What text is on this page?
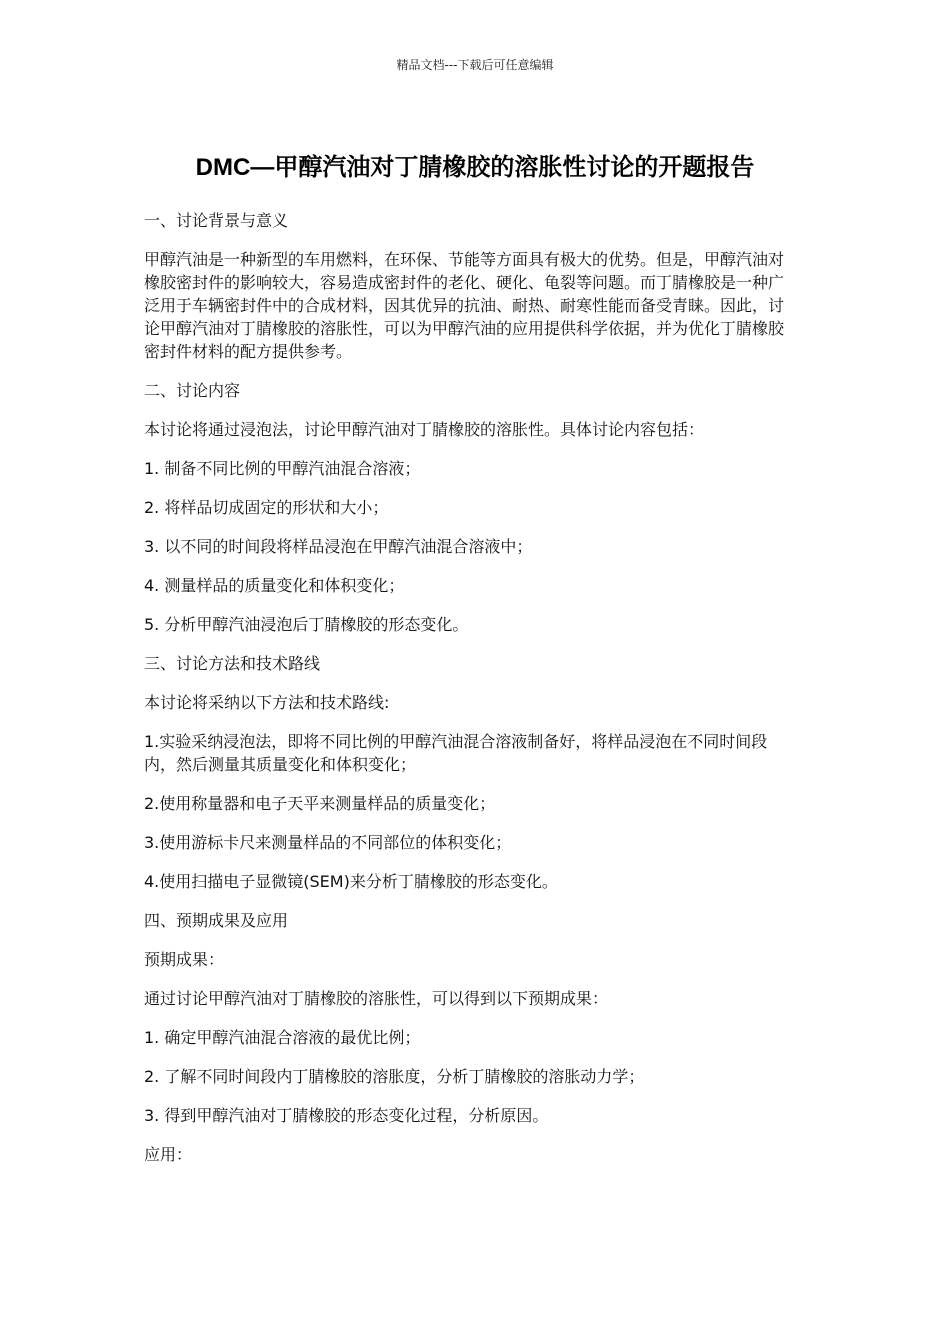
精品文档---下载后可任意编辑
DMC—甲醇汽油对丁腈橡胶的溶胀性讨论的开题报告

一、讨论背景与意义

甲醇汽油是一种新型的车用燃料，在环保、节能等方面具有极大的优势。但是，甲醇汽油对橡胶密封件的影响较大，容易造成密封件的老化、硬化、龟裂等问题。而丁腈橡胶是一种广泛用于车辆密封件中的合成材料，因其优异的抗油、耐热、耐寒性能而备受青睐。因此，讨论甲醇汽油对丁腈橡胶的溶胀性，可以为甲醇汽油的应用提供科学依据，并为优化丁腈橡胶密封件材料的配方提供参考。

二、讨论内容

本讨论将通过浸泡法，讨论甲醇汽油对丁腈橡胶的溶胀性。具体讨论内容包括：

1. 制备不同比例的甲醇汽油混合溶液；

2. 将样品切成固定的形状和大小；

3. 以不同的时间段将样品浸泡在甲醇汽油混合溶液中；

4. 测量样品的质量变化和体积变化；

5. 分析甲醇汽油浸泡后丁腈橡胶的形态变化。

三、讨论方法和技术路线

本讨论将采纳以下方法和技术路线:

1.实验采纳浸泡法，即将不同比例的甲醇汽油混合溶液制备好，将样品浸泡在不同时间段内，然后测量其质量变化和体积变化；

2.使用称量器和电子天平来测量样品的质量变化；

3.使用游标卡尺来测量样品的不同部位的体积变化；

4.使用扫描电子显微镜(SEM)来分析丁腈橡胶的形态变化。

四、预期成果及应用

预期成果：

通过讨论甲醇汽油对丁腈橡胶的溶胀性，可以得到以下预期成果：

1. 确定甲醇汽油混合溶液的最优比例；

2. 了解不同时间段内丁腈橡胶的溶胀度，分析丁腈橡胶的溶胀动力学；

3. 得到甲醇汽油对丁腈橡胶的形态变化过程，分析原因。

应用：
